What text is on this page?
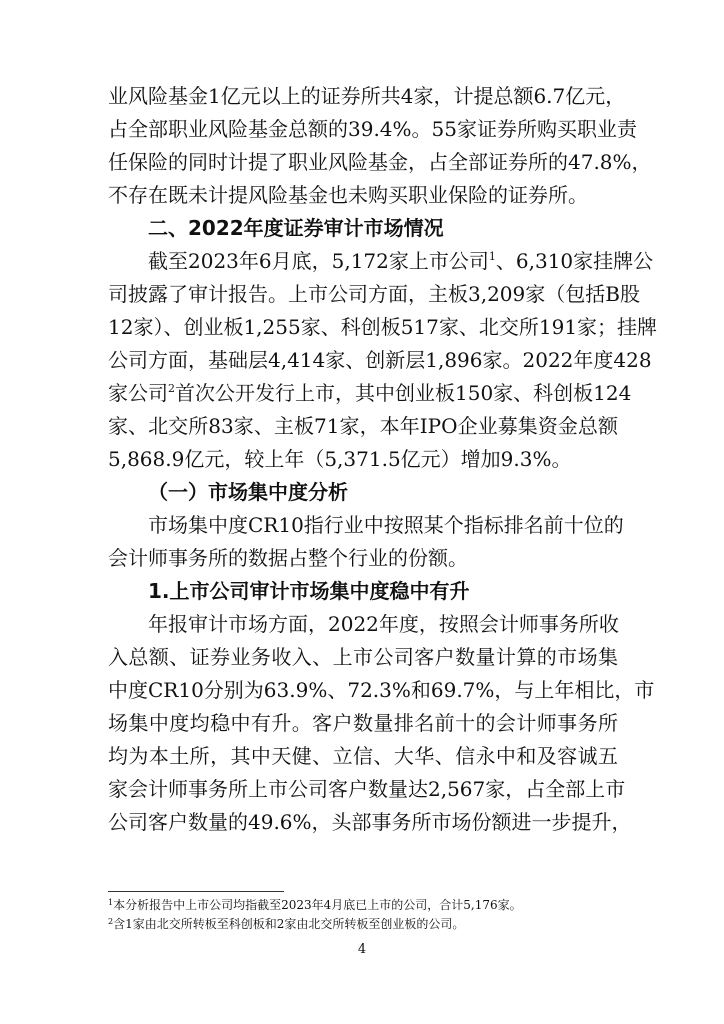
业风险基金1亿元以上的证券所共4家，计提总额6.7亿元，
占全部职业风险基金总额的39.4%。55家证券所购买职业责
任保险的同时计提了职业风险基金，占全部证券所的47.8%，
不存在既未计提风险基金也未购买职业保险的证券所。
二、2022年度证券审计市场情况
截至2023年6月底，5,172家上市公司$^1$、6,310家挂牌公
司披露了审计报告。上市公司方面，主板3,209家（包括B股
12家）、创业板1,255家、科创板517家、北交所191家；挂牌
公司方面，基础层4,414家、创新层1,896家。2022年度428
家公司$^2$首次公开发行上市，其中创业板150家、科创板124
家、北交所83家、主板71家，本年IPO企业募集资金总额
5,868.9亿元，较上年（5,371.5亿元）增加9.3%。
（一）市场集中度分析
市场集中度CR10指行业中按照某个指标排名前十位的
会计师事务所的数据占整个行业的份额。
1.上市公司审计市场集中度稳中有升
年报审计市场方面，2022年度，按照会计师事务所收
入总额、证券业务收入、上市公司客户数量计算的市场集
中度CR10分别为63.9%、72.3%和69.7%，与上年相比，市
场集中度均稳中有升。客户数量排名前十的会计师事务所
均为本土所，其中天健、立信、大华、信永中和及容诚五
家会计师事务所上市公司客户数量达2,567家，占全部上市
公司客户数量的49.6%，头部事务所市场份额进一步提升，
$^1$本分析报告中上市公司均指截至2023年4月底已上市的公司，合计5,176家。
$^2$含1家由北交所转板至科创板和2家由北交所转板至创业板的公司。
4
